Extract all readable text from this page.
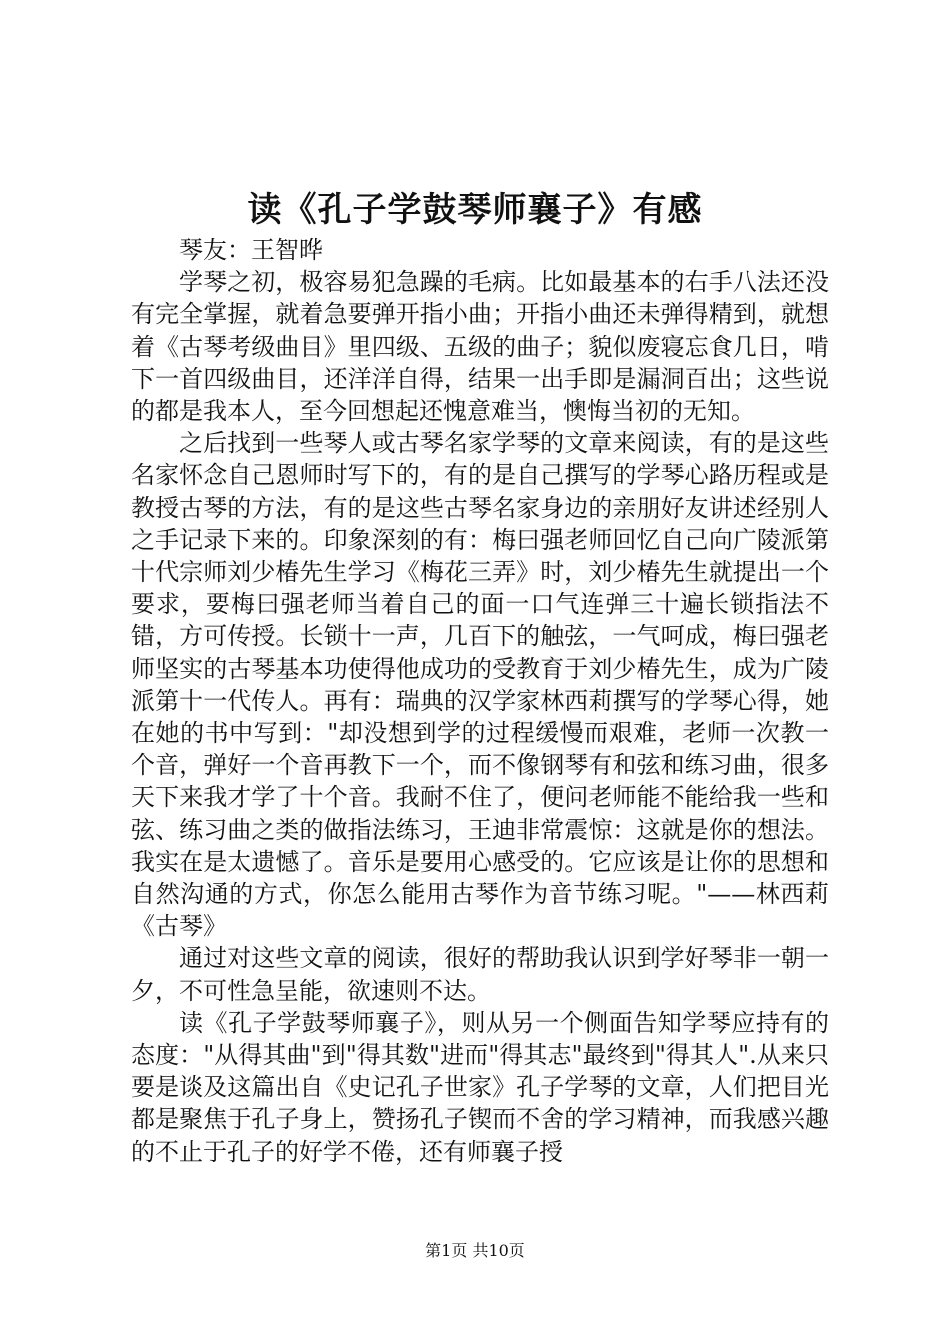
读《孔子学鼓琴师襄子》有感
琴友：王智晔

学琴之初，极容易犯急躁的毛病。比如最基本的右手八法还没有完全掌握，就着急要弹开指小曲；开指小曲还未弹得精到，就想着《古琴考级曲目》里四级、五级的曲子；貌似废寝忘食几日，啃下一首四级曲目，还洋洋自得，结果一出手即是漏洞百出；这些说的都是我本人，至今回想起还愧意难当，懊悔当初的无知。

之后找到一些琴人或古琴名家学琴的文章来阅读，有的是这些名家怀念自己恩师时写下的，有的是自己撰写的学琴心路历程或是教授古琴的方法，有的是这些古琴名家身边的亲朋好友讲述经别人之手记录下来的。印象深刻的有：梅曰强老师回忆自己向广陵派第十代宗师刘少椿先生学习《梅花三弄》时，刘少椿先生就提出一个要求，要梅曰强老师当着自己的面一口气连弹三十遍长锁指法不错，方可传授。长锁十一声，几百下的触弦，一气呵成，梅曰强老师坚实的古琴基本功使得他成功的受教育于刘少椿先生，成为广陵派第十一代传人。再有：瑞典的汉学家林西莉撰写的学琴心得，她在她的书中写到："却没想到学的过程缓慢而艰难，老师一次教一个音，弹好一个音再教下一个，而不像钢琴有和弦和练习曲，很多天下来我才学了十个音。我耐不住了，便问老师能不能给我一些和弦、练习曲之类的做指法练习，王迪非常震惊：这就是你的想法。我实在是太遗憾了。音乐是要用心感受的。它应该是让你的思想和自然沟通的方式，你怎么能用古琴作为音节练习呢。"——林西莉《古琴》

通过对这些文章的阅读，很好的帮助我认识到学好琴非一朝一夕，不可性急呈能，欲速则不达。

读《孔子学鼓琴师襄子》，则从另一个侧面告知学琴应持有的态度："从得其曲"到"得其数"进而"得其志"最终到"得其人".从来只要是谈及这篇出自《史记孔子世家》孔子学琴的文章，人们把目光都是聚焦于孔子身上，赞扬孔子锲而不舍的学习精神，而我感兴趣的不止于孔子的好学不倦，还有师襄子授

第1页 共10页
